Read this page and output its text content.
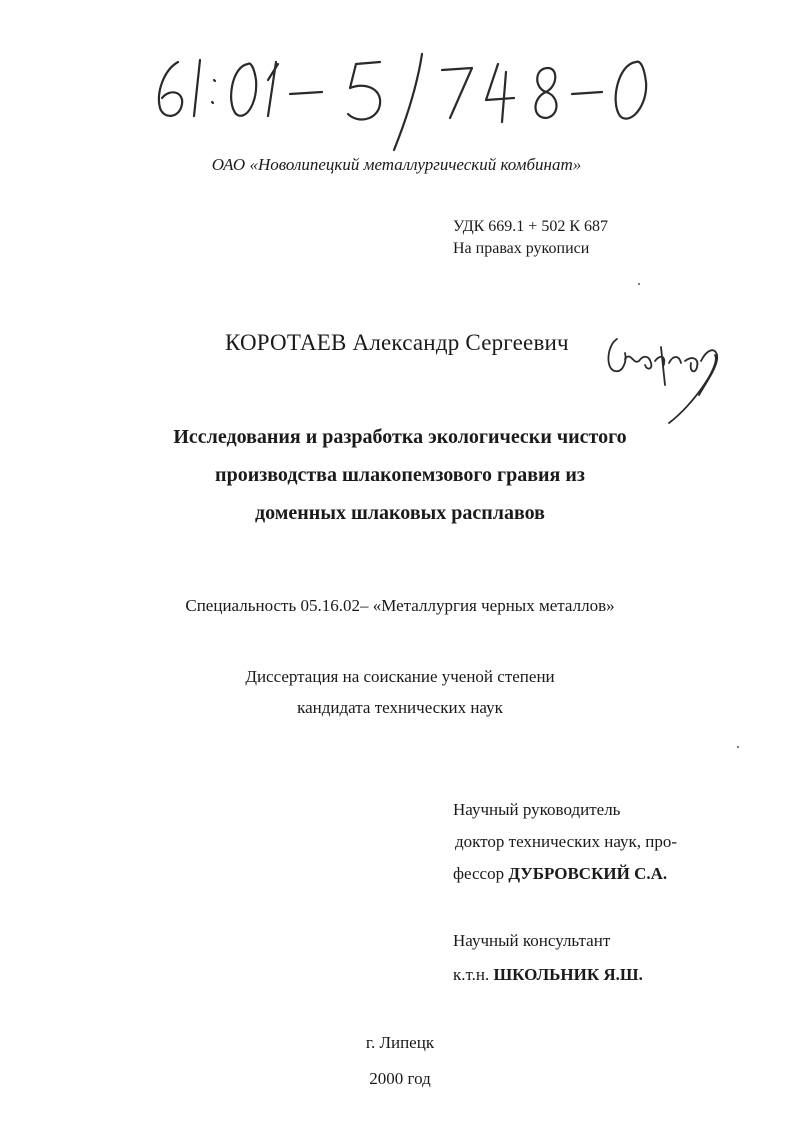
ОАО «Новолипецкий металлургический комбинат»
УДК 669.1 + 502 К 687
На правах рукописи
КОРОТАЕВ Александр Сергеевич
Исследования и разработка экологически чистого
производства шлакопемзового гравия из
доменных шлаковых расплавов
Специальность 05.16.02– «Металлургия черных металлов»
Диссертация на соискание ученой степени
кандидата технических наук
Научный руководитель
доктор технических наук, про-
фессор ДУБРОВСКИЙ С.А.
Научный консультант
к.т.н. ШКОЛЬНИК Я.Ш.
г. Липецк
2000 год
